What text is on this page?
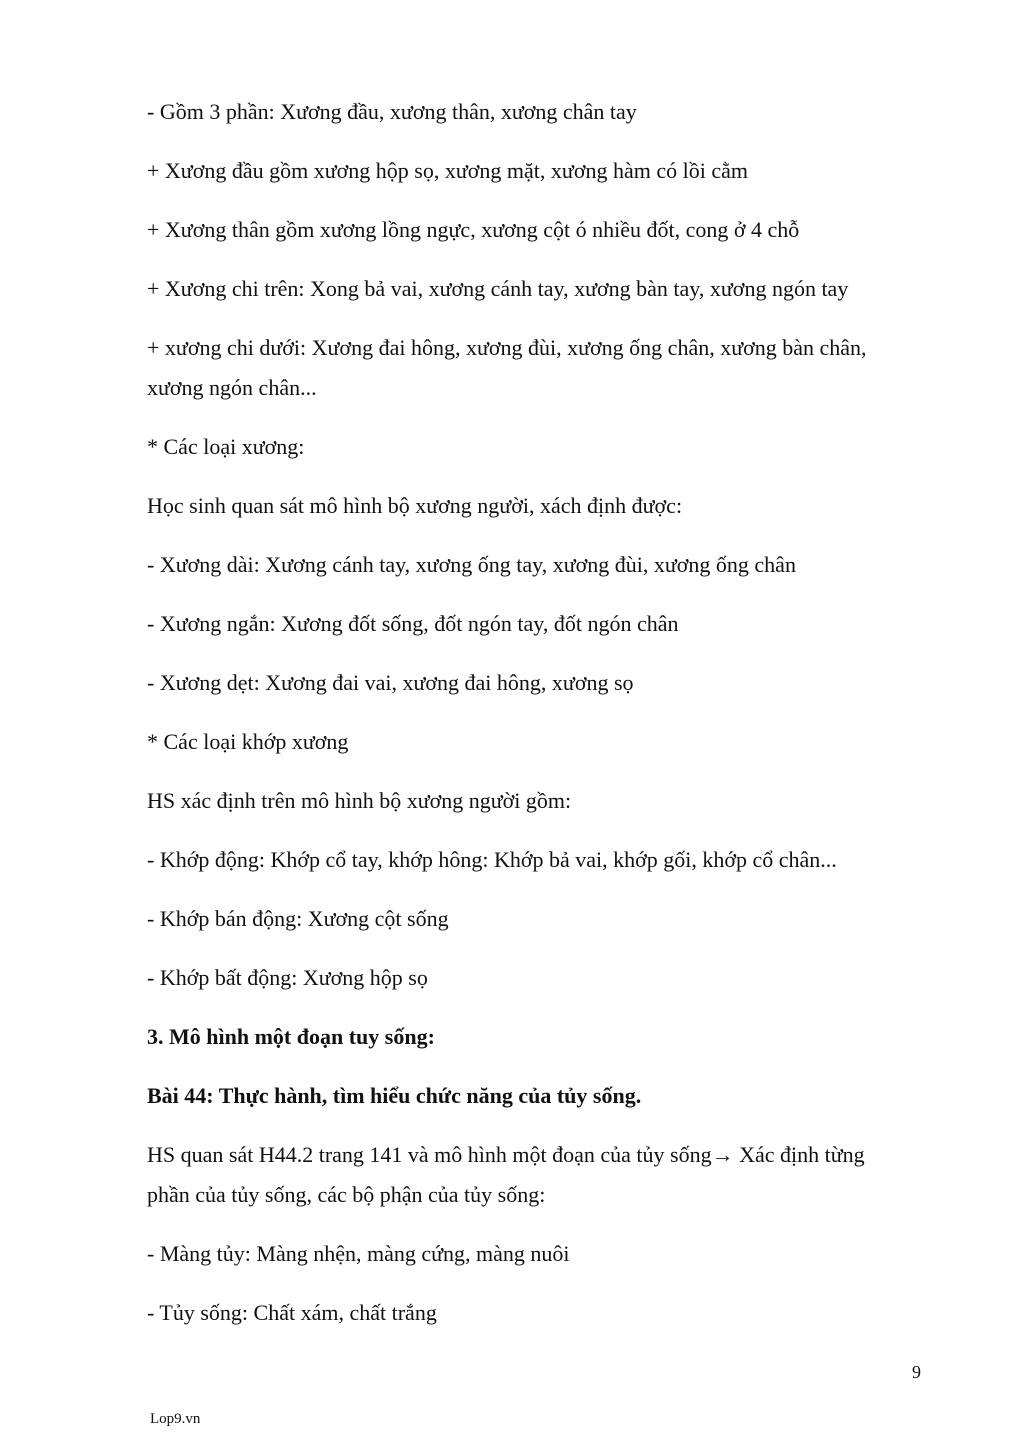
- Gồm 3 phần: Xương đầu, xương thân, xương chân tay
+ Xương đầu gồm xương hộp sọ, xương mặt, xương hàm có lồi cằm
+ Xương thân gồm xương lồng ngực, xương cột ó nhiều đốt, cong ở 4 chỗ
+ Xương chi trên: Xong bả vai, xương cánh tay, xương bàn tay, xương ngón tay
+ xương chi dưới: Xương đai hông, xương đùi, xương ống chân, xương bàn chân, xương ngón chân...
* Các loại xương:
Học sinh quan sát mô hình bộ xương người, xách định được:
- Xương dài: Xương cánh tay, xương ống tay, xương đùi, xương ống chân
- Xương ngắn: Xương đốt sống, đốt ngón tay, đốt ngón chân
- Xương dẹt: Xương đai vai, xương đai hông, xương sọ
* Các loại khớp xương
HS xác định trên mô hình bộ xương người gồm:
- Khớp động: Khớp cổ tay, khớp hông: Khớp bả vai, khớp gối, khớp cổ chân...
- Khớp bán động: Xương cột sống
- Khớp bất động: Xương hộp sọ
3. Mô hình một đoạn tuy sống:
Bài 44: Thực hành, tìm hiểu chức năng của tủy sống.
HS quan sát H44.2 trang 141 và mô hình một đoạn của tủy sống→ Xác định từng phần của tủy sống, các bộ phận của tủy sống:
- Màng tủy: Màng nhện, màng cứng, màng nuôi
- Tủy sống: Chất xám, chất trắng
9
Lop9.vn
